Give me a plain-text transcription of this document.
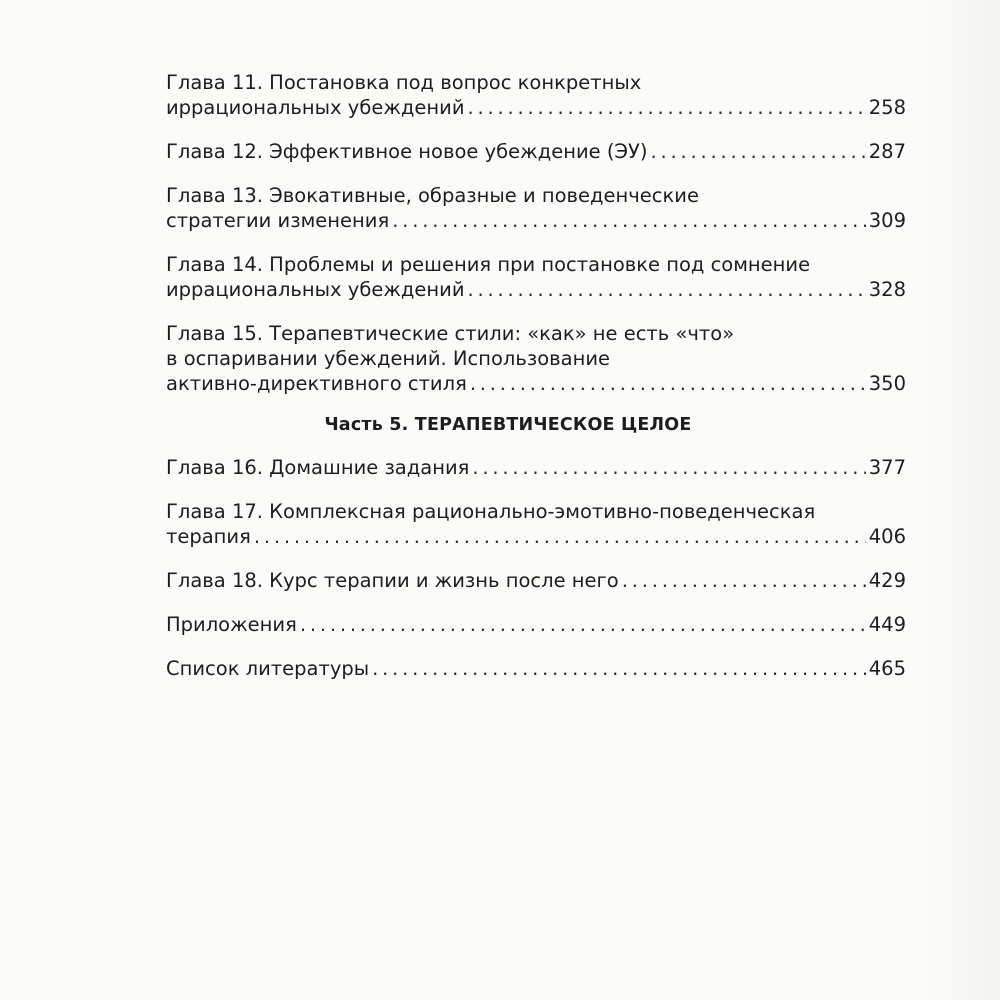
Глава 11. Постановка под вопрос конкретных
иррациональных убеждений . . .	258
Глава 12. Эффективное новое убеждение (ЭУ) . . .	287
Глава 13. Эвокативные, образные и поведенческие
стратегии изменения . . .	309
Глава 14. Проблемы и решения при постановке под сомнение
иррациональных убеждений . . .	328
Глава 15. Терапевтические стили: «как» не есть «что»
в оспаривании убеждений. Использование
активно-директивного стиля . . .	350
Часть 5. ТЕРАПЕВТИЧЕСКОЕ ЦЕЛОЕ
Глава 16. Домашние задания . . .	377
Глава 17. Комплексная рационально-эмотивно-поведенческая
терапия . . .	406
Глава 18. Курс терапии и жизнь после него . . .	429
Приложения . . .	449
Список литературы . . .	465
